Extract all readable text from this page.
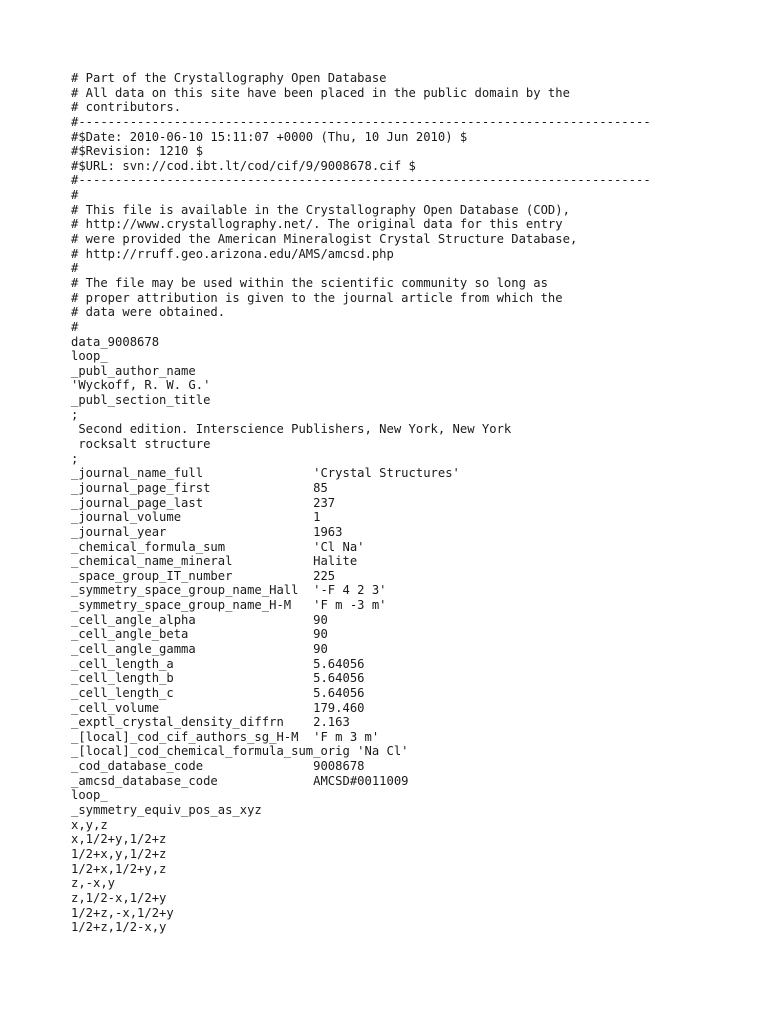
# Part of the Crystallography Open Database
# All data on this site have been placed in the public domain by the
# contributors.
#------------------------------------------------------------------------------
#$Date: 2010-06-10 15:11:07 +0000 (Thu, 10 Jun 2010) $
#$Revision: 1210 $
#$URL: svn://cod.ibt.lt/cod/cif/9/9008678.cif $
#------------------------------------------------------------------------------
#
# This file is available in the Crystallography Open Database (COD),
# http://www.crystallography.net/. The original data for this entry
# were provided the American Mineralogist Crystal Structure Database,
# http://rruff.geo.arizona.edu/AMS/amcsd.php
#
# The file may be used within the scientific community so long as
# proper attribution is given to the journal article from which the
# data were obtained.
#
data_9008678
loop_
_publ_author_name
'Wyckoff, R. W. G.'
_publ_section_title
;
Second edition. Interscience Publishers, New York, New York
rocksalt structure
;
_journal_name_full               'Crystal Structures'
_journal_page_first              85
_journal_page_last               237
_journal_volume                  1
_journal_year                    1963
_chemical_formula_sum            'Cl Na'
_chemical_name_mineral           Halite
_space_group_IT_number           225
_symmetry_space_group_name_Hall  '-F 4 2 3'
_symmetry_space_group_name_H-M   'F m -3 m'
_cell_angle_alpha                90
_cell_angle_beta                 90
_cell_angle_gamma                90
_cell_length_a                   5.64056
_cell_length_b                   5.64056
_cell_length_c                   5.64056
_cell_volume                     179.460
_exptl_crystal_density_diffrn    2.163
_[local]_cod_cif_authors_sg_H-M  'F m 3 m'
_[local]_cod_chemical_formula_sum_orig 'Na Cl'
_cod_database_code               9008678
_amcsd_database_code             AMCSD#0011009
loop_
_symmetry_equiv_pos_as_xyz
x,y,z
x,1/2+y,1/2+z
1/2+x,y,1/2+z
1/2+x,1/2+y,z
z,-x,y
z,1/2-x,1/2+y
1/2+z,-x,1/2+y
1/2+z,1/2-x,y
